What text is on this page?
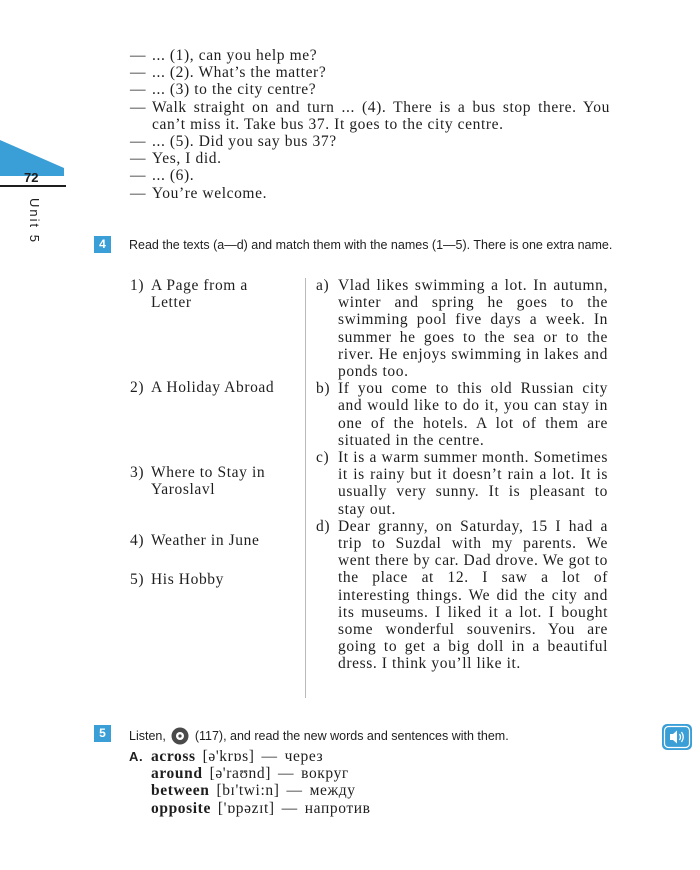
72
Unit 5
— ... (1), can you help me?
— ... (2). What’s the matter?
— ... (3) to the city centre?
— Walk straight on and turn ... (4). There is a bus stop there. You can’t miss it. Take bus 37. It goes to the city centre.
— ... (5). Did you say bus 37?
— Yes, I did.
— ... (6).
— You’re welcome.
4	Read the texts (a—d) and match them with the names (1—5). There is one extra name.
1) A Page from a Letter
2) A Holiday Abroad
3) Where to Stay in Yaroslavl
4) Weather in June
5) His Hobby
a) Vlad likes swimming a lot. In autumn, winter and spring he goes to the swimming pool five days a week. In summer he goes to the sea or to the river. He enjoys swimming in lakes and ponds too.
b) If you come to this old Russian city and would like to do it, you can stay in one of the hotels. A lot of them are situated in the centre.
c) It is a warm summer month. Sometimes it is rainy but it doesn’t rain a lot. It is usually very sunny. It is pleasant to stay out.
d) Dear granny, on Saturday, 15 I had a trip to Suzdal with my parents. We went there by car. Dad drove. We got to the place at 12. I saw a lot of interesting things. We did the city and its museums. I liked it a lot. I bought some wonderful souvenirs. You are going to get a big doll in a beautiful dress. I think you’ll like it.
5	Listen, (117), and read the new words and sentences with them.
A. across [ə'krɒs] — через
around [ə'raʊnd] — вокруг
between [bɪ'twi:n] — между
opposite ['ɒpəzɪt] — напротив
